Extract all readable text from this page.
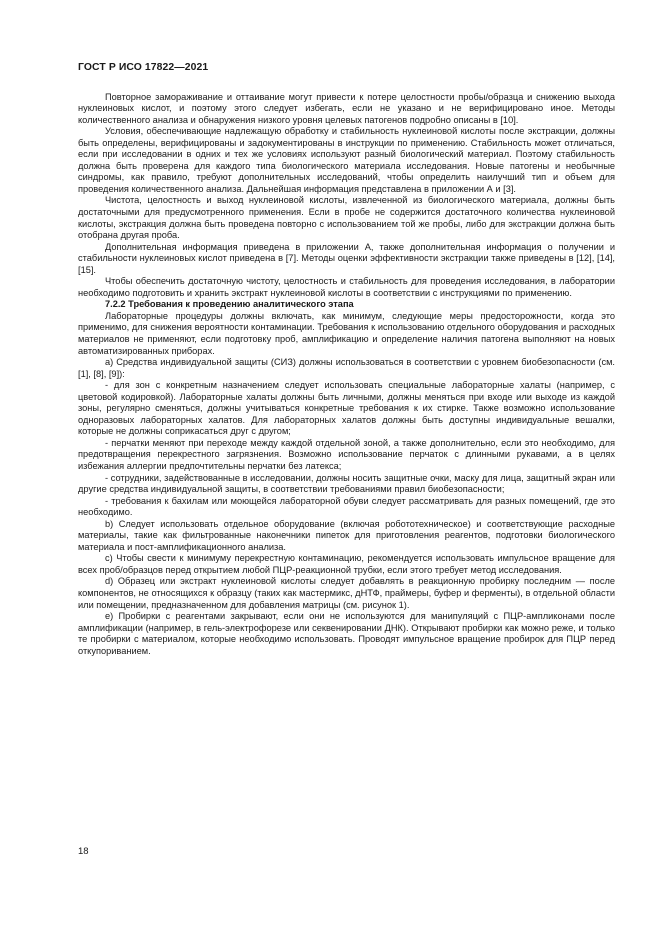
ГОСТ Р ИСО 17822—2021

Повторное замораживание и оттаивание могут привести к потере целостности пробы/образца и снижению выхода нуклеиновых кислот, и поэтому этого следует избегать, если не указано и не верифицировано иное. Методы количественного анализа и обнаружения низкого уровня целевых патогенов подробно описаны в [10].

Условия, обеспечивающие надлежащую обработку и стабильность нуклеиновой кислоты после экстракции, должны быть определены, верифицированы и задокументированы в инструкции по применению. Стабильность может отличаться, если при исследовании в одних и тех же условиях используют разный биологический материал. Поэтому стабильность должна быть проверена для каждого типа биологического материала исследования. Новые патогены и необычные синдромы, как правило, требуют дополнительных исследований, чтобы определить наилучший тип и объем для проведения количественного анализа. Дальнейшая информация представлена в приложении А и [3].

Чистота, целостность и выход нуклеиновой кислоты, извлеченной из биологического материала, должны быть достаточными для предусмотренного применения. Если в пробе не содержится достаточного количества нуклеиновой кислоты, экстракция должна быть проведена повторно с использованием той же пробы, либо для экстракции должна быть отобрана другая проба.

Дополнительная информация приведена в приложении А, также дополнительная информация о получении и стабильности нуклеиновых кислот приведена в [7]. Методы оценки эффективности экстракции также приведены в [12], [14], [15].

Чтобы обеспечить достаточную чистоту, целостность и стабильность для проведения исследования, в лаборатории необходимо подготовить и хранить экстракт нуклеиновой кислоты в соответствии с инструкциями по применению.

7.2.2 Требования к проведению аналитического этапа

Лабораторные процедуры должны включать, как минимум, следующие меры предосторожности, когда это применимо, для снижения вероятности контаминации. Требования к использованию отдельного оборудования и расходных материалов не применяют, если подготовку проб, амплификацию и определение наличия патогена выполняют на новых автоматизированных приборах.

а) Средства индивидуальной защиты (СИЗ) должны использоваться в соответствии с уровнем биобезопасности (см. [1], [8], [9]):

- для зон с конкретным назначением следует использовать специальные лабораторные халаты (например, с цветовой кодировкой). Лабораторные халаты должны быть личными, должны меняться при входе или выходе из каждой зоны, регулярно сменяться, должны учитываться конкретные требования к их стирке. Также возможно использование одноразовых лабораторных халатов. Для лабораторных халатов должны быть доступны индивидуальные вешалки, которые не должны соприкасаться друг с другом;

- перчатки меняют при переходе между каждой отдельной зоной, а также дополнительно, если это необходимо, для предотвращения перекрестного загрязнения. Возможно использование перчаток с длинными рукавами, а в целях избежания аллергии предпочтительны перчатки без латекса;

- сотрудники, задействованные в исследовании, должны носить защитные очки, маску для лица, защитный экран или другие средства индивидуальной защиты, в соответствии требованиями правил биобезопасности;

- требования к бахилам или моющейся лабораторной обуви следует рассматривать для разных помещений, где это необходимо.

b) Следует использовать отдельное оборудование (включая робототехническое) и соответствующие расходные материалы, такие как фильтрованные наконечники пипеток для приготовления реагентов, подготовки биологического материала и пост-амплификационного анализа.

с) Чтобы свести к минимуму перекрестную контаминацию, рекомендуется использовать импульсное вращение для всех проб/образцов перед открытием любой ПЦР-реакционной трубки, если этого требует метод исследования.

d) Образец или экстракт нуклеиновой кислоты следует добавлять в реакционную пробирку последним — после компонентов, не относящихся к образцу (таких как мастермикс, дНТФ, праймеры, буфер и ферменты), в отдельной области или помещении, предназначенном для добавления матрицы (см. рисунок 1).

е) Пробирки с реагентами закрывают, если они не используются для манипуляций с ПЦР-ампликонами после амплификации (например, в гель-электрофорезе или секвенировании ДНК). Открывают пробирки как можно реже, и только те пробирки с материалом, которые необходимо использовать. Проводят импульсное вращение пробирок для ПЦР перед откупориванием.

18
